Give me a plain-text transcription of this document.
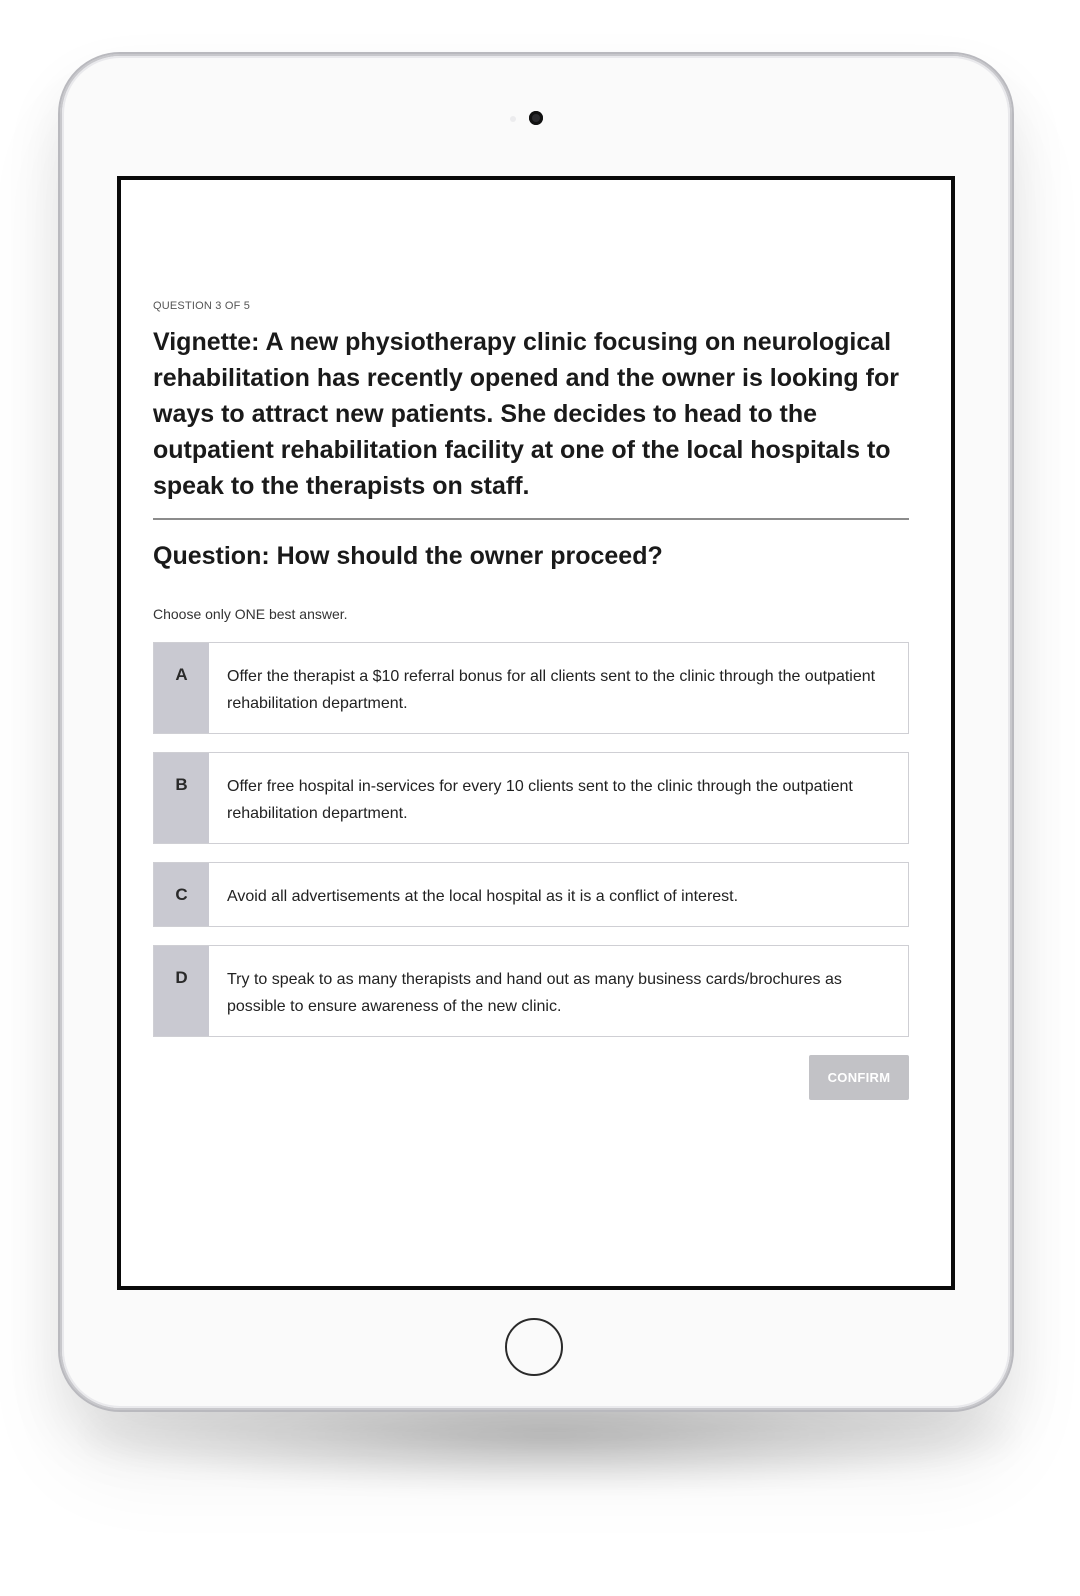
QUESTION 3 OF 5

Vignette: A new physiotherapy clinic focusing on neurological rehabilitation has recently opened and the owner is looking for ways to attract new patients. She decides to head to the outpatient rehabilitation facility at one of the local hospitals to speak to the therapists on staff.

Question: How should the owner proceed?

Choose only ONE best answer.
A	Offer the therapist a $10 referral bonus for all clients sent to the clinic through the outpatient rehabilitation department.
B	Offer free hospital in-services for every 10 clients sent to the clinic through the outpatient rehabilitation department.
C	Avoid all advertisements at the local hospital as it is a conflict of interest.
D	Try to speak to as many therapists and hand out as many business cards/brochures as possible to ensure awareness of the new clinic.
CONFIRM
